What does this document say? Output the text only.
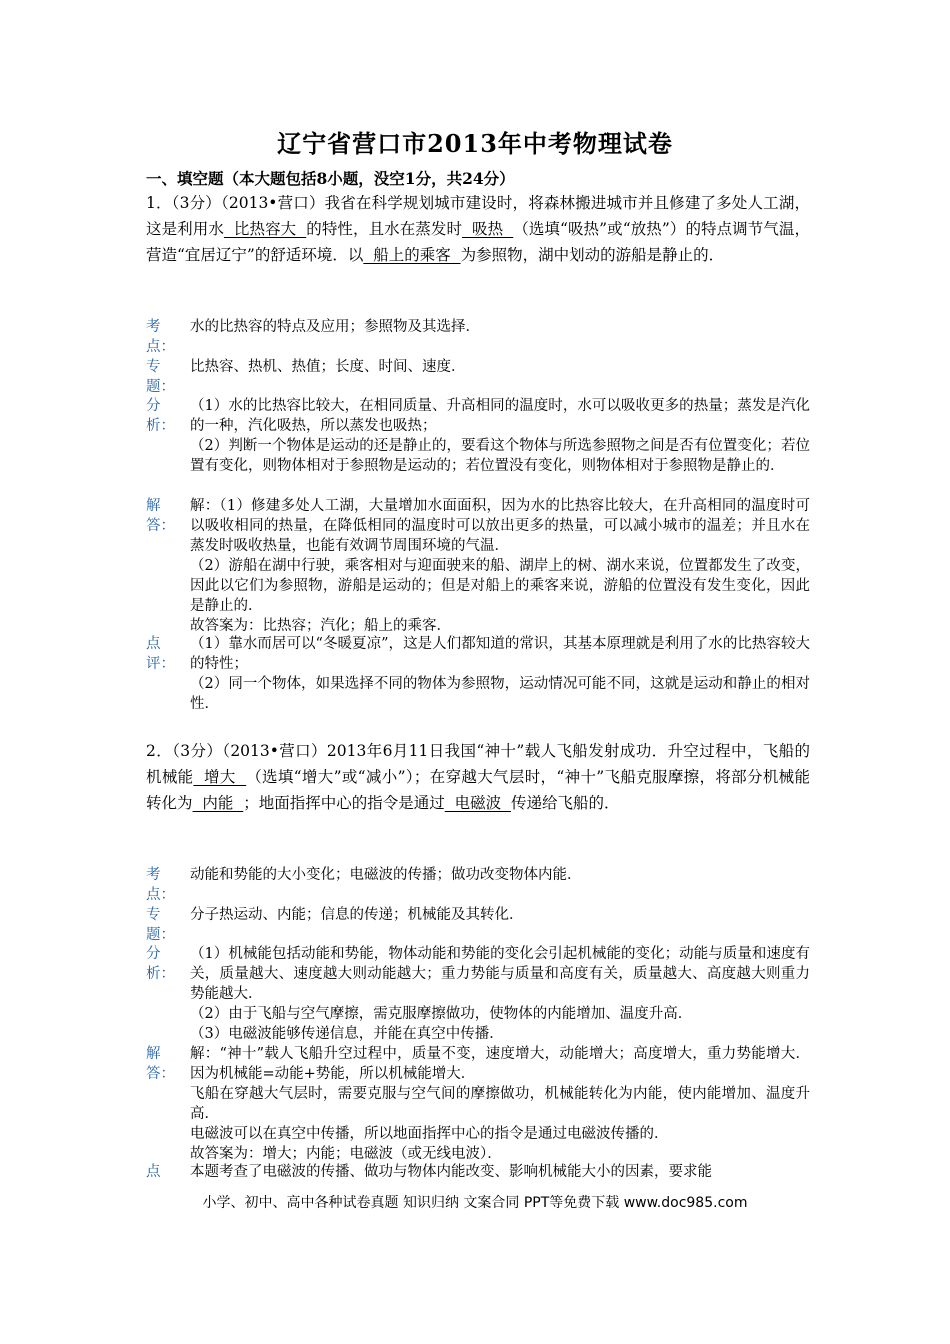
辽宁省营口市2013年中考物理试卷
一、填空题（本大题包括8小题，没空1分，共24分）
1．（3分）（2013•营口）我省在科学规划城市建设时，将森林搬进城市并且修建了多处人工湖，这是利用水  比热容大  的特性，且水在蒸发时  吸热  （选填“吸热”或“放热”）的特点调节气温，营造“宜居辽宁”的舒适环境．以  船上的乘客  为参照物，湖中划动的游船是静止的．
考点：

水的比热容的特点及应用；参照物及其选择．

专题：

比热容、热机、热值；长度、时间、速度．

分析：

（1）水的比热容比较大，在相同质量、升高相同的温度时，水可以吸收更多的热量；蒸发是汽化的一种，汽化吸热，所以蒸发也吸热；

（2）判断一个物体是运动的还是静止的，要看这个物体与所选参照物之间是否有位置变化；若位置有变化，则物体相对于参照物是运动的；若位置没有变化，则物体相对于参照物是静止的．

解答：

解：（1）修建多处人工湖，大量增加水面面积，因为水的比热容比较大，在升高相同的温度时可以吸收相同的热量，在降低相同的温度时可以放出更多的热量，可以减小城市的温差；并且水在蒸发时吸收热量，也能有效调节周围环境的气温．

（2）游船在湖中行驶，乘客相对与迎面驶来的船、湖岸上的树、湖水来说，位置都发生了改变，因此以它们为参照物，游船是运动的；但是对船上的乘客来说，游船的位置没有发生变化，因此是静止的．

故答案为：比热容；汽化；船上的乘客．

点评：

（1）靠水而居可以“冬暖夏凉”，这是人们都知道的常识，其基本原理就是利用了水的比热容较大的特性；

（2）同一个物体，如果选择不同的物体为参照物，运动情况可能不同，这就是运动和静止的相对性．

2．（3分）（2013•营口）2013年6月11日我国“神十”载人飞船发射成功．升空过程中，飞船的机械能  增大  （选填“增大”或“减小”）；在穿越大气层时，“神十”飞船克服摩擦，将部分机械能转化为  内能  ；地面指挥中心的指令是通过  电磁波  传递给飞船的．
考点：

动能和势能的大小变化；电磁波的传播；做功改变物体内能．

专题：

分子热运动、内能；信息的传递；机械能及其转化．

分析：

（1）机械能包括动能和势能，物体动能和势能的变化会引起机械能的变化；动能与质量和速度有关，质量越大、速度越大则动能越大；重力势能与质量和高度有关，质量越大、高度越大则重力势能越大．

（2）由于飞船与空气摩擦，需克服摩擦做功，使物体的内能增加、温度升高．

（3）电磁波能够传递信息，并能在真空中传播．

解答：

解：“神十”载人飞船升空过程中，质量不变，速度增大，动能增大；高度增大，重力势能增大．因为机械能=动能+势能，所以机械能增大．

飞船在穿越大气层时，需要克服与空气间的摩擦做功，机械能转化为内能，使内能增加、温度升高．

电磁波可以在真空中传播，所以地面指挥中心的指令是通过电磁波传播的．

故答案为：增大；内能；电磁波（或无线电波）．

点	本题考查了电磁波的传播、做功与物体内能改变、影响机械能大小的因素，要求能

小学、初中、高中各种试卷真题 知识归纳 文案合同 PPT等免费下载 www.doc985.com
